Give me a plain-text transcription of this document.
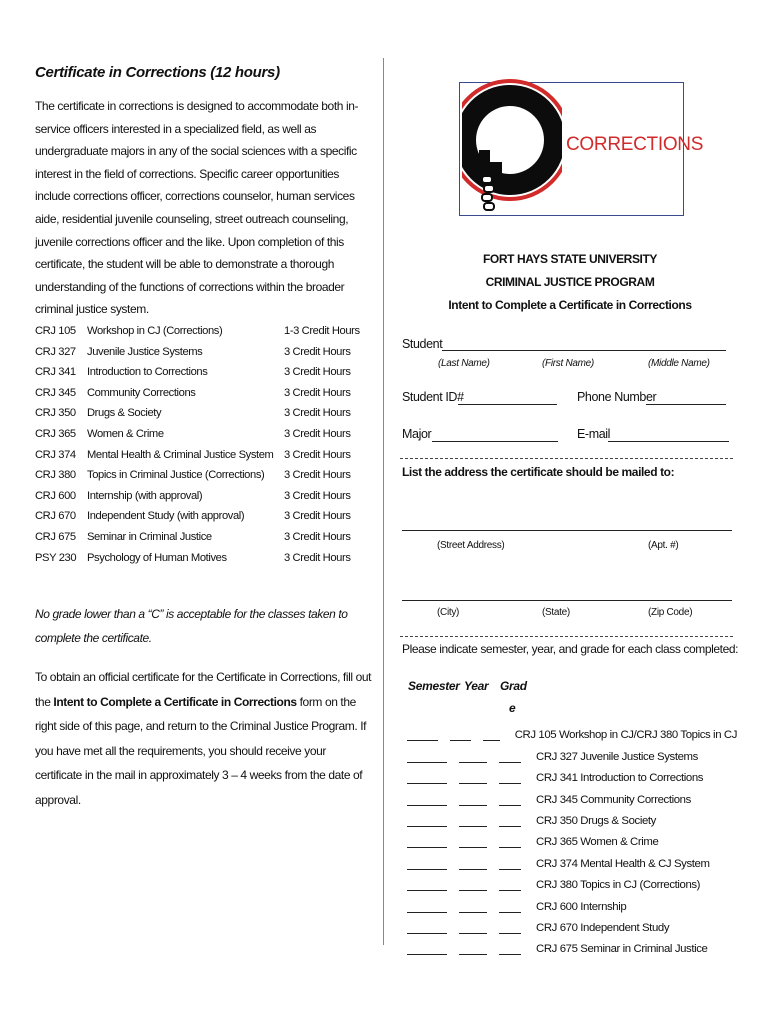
Certificate in Corrections (12 hours)

The certificate in corrections is designed to accommodate both in-service officers interested in a specialized field, as well as undergraduate majors in any of the social sciences with a specific interest in the field of corrections. Specific career opportunities include corrections officer, corrections counselor, human services aide, residential juvenile counseling, street outreach counseling, juvenile corrections officer and the like. Upon completion of this certificate, the student will be able to demonstrate a thorough understanding of the functions of corrections within the broader criminal justice system.

CRJ 105	Workshop in CJ (Corrections)	1-3 Credit Hours
CRJ 327	Juvenile Justice Systems	3 Credit Hours
CRJ 341	Introduction to Corrections	3 Credit Hours
CRJ 345	Community Corrections	3 Credit Hours
CRJ 350	Drugs & Society	3 Credit Hours
CRJ 365	Women & Crime	3 Credit Hours
CRJ 374	Mental Health & Criminal Justice System 3 Credit Hours
CRJ 380	Topics in Criminal Justice (Corrections)	3 Credit Hours
CRJ 600	Internship (with approval)	3 Credit Hours
CRJ 670	Independent Study (with approval)	3 Credit Hours
CRJ 675	Seminar in Criminal Justice	3 Credit Hours
PSY 230 Psychology of Human Motives	3 Credit Hours

No grade lower than a “C” is acceptable for the classes taken to complete the certificate.

To obtain an official certificate for the Certificate in Corrections, fill out the Intent to Complete a Certificate in Corrections form on the right side of this page, and return to the Criminal Justice Program. If you have met all the requirements, you should receive your certificate in the mail in approximately 3 – 4 weeks from the date of approval.

CORRECTIONS
FORT HAYS STATE UNIVERSITY
CRIMINAL JUSTICE PROGRAM
Intent to Complete a Certificate in Corrections
Student
(Last Name)	(First Name)	(Middle Name)
Student ID#	Phone Number
Major	E-mail
List the address the certificate should be mailed to:
(Street Address)	(Apt. #)
(City)	(State)	(Zip Code)
Please indicate semester, year, and grade for each class completed:
Semester Year Grad
e
CRJ 105 Workshop in CJ/CRJ 380 Topics in CJ
CRJ 327 Juvenile Justice Systems
CRJ 341 Introduction to Corrections
CRJ 345 Community Corrections
CRJ 350 Drugs & Society
CRJ 365 Women & Crime
CRJ 374 Mental Health & CJ System
CRJ 380 Topics in CJ (Corrections)
CRJ 600 Internship
CRJ 670 Independent Study
CRJ 675 Seminar in Criminal Justice
